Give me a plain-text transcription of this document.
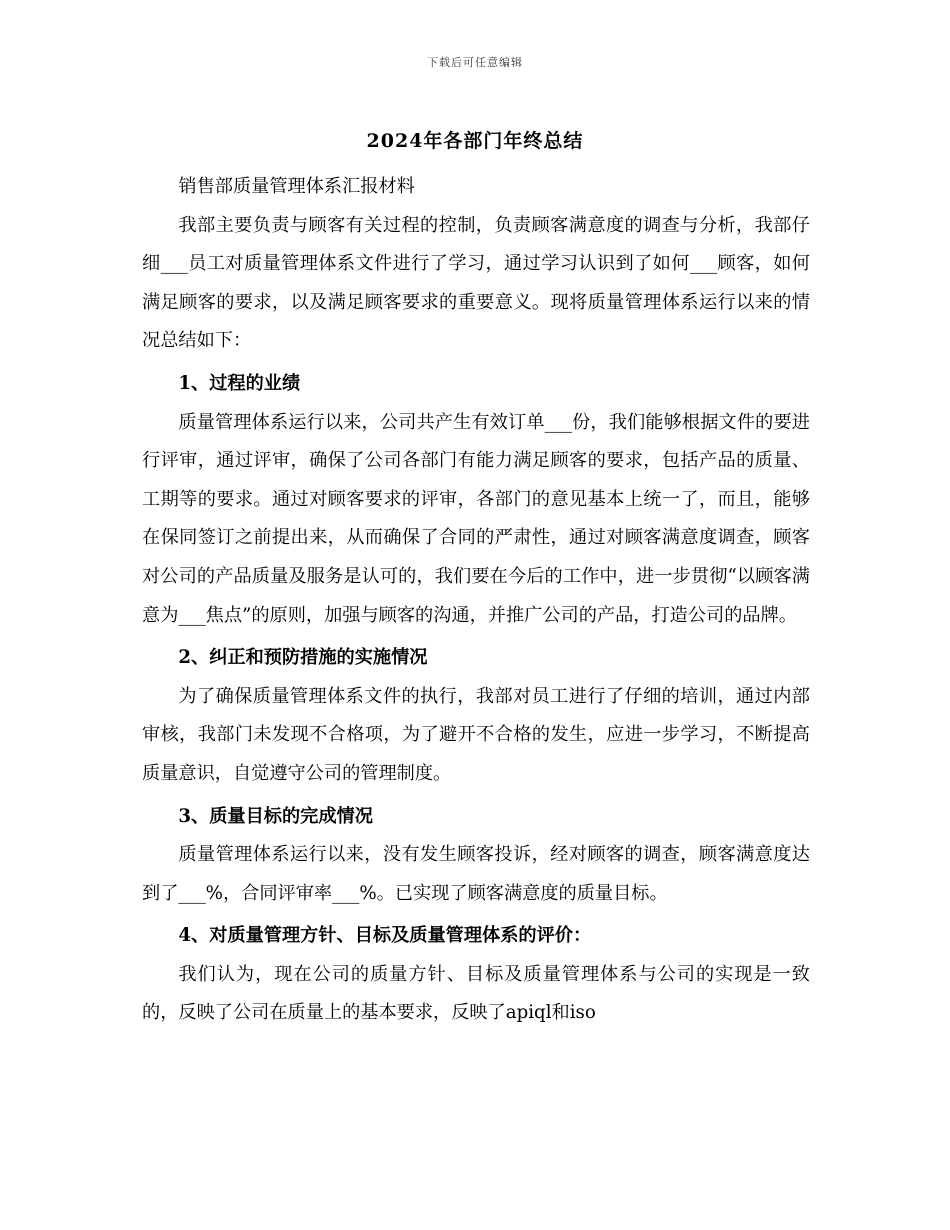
下载后可任意编辑
2024年各部门年终总结

销售部质量管理体系汇报材料

我部主要负责与顾客有关过程的控制，负责顾客满意度的调查与分析，我部仔细___员工对质量管理体系文件进行了学习，通过学习认识到了如何___顾客，如何满足顾客的要求，以及满足顾客要求的重要意义。现将质量管理体系运行以来的情况总结如下：

1、过程的业绩

质量管理体系运行以来，公司共产生有效订单___份，我们能够根据文件的要进行评审，通过评审，确保了公司各部门有能力满足顾客的要求，包括产品的质量、工期等的要求。通过对顾客要求的评审，各部门的意见基本上统一了，而且，能够在保同签订之前提出来，从而确保了合同的严肃性，通过对顾客满意度调查，顾客对公司的产品质量及服务是认可的，我们要在今后的工作中，进一步贯彻“以顾客满意为___焦点”的原则，加强与顾客的沟通，并推广公司的产品，打造公司的品牌。

2、纠正和预防措施的实施情况

为了确保质量管理体系文件的执行，我部对员工进行了仔细的培训，通过内部审核，我部门未发现不合格项，为了避开不合格的发生，应进一步学习，不断提高质量意识，自觉遵守公司的管理制度。

3、质量目标的完成情况

质量管理体系运行以来，没有发生顾客投诉，经对顾客的调查，顾客满意度达到了___%，合同评审率___%。已实现了顾客满意度的质量目标。

4、对质量管理方针、目标及质量管理体系的评价：

我们认为，现在公司的质量方针、目标及质量管理体系与公司的实现是一致的，反映了公司在质量上的基本要求，反映了apiql和iso
